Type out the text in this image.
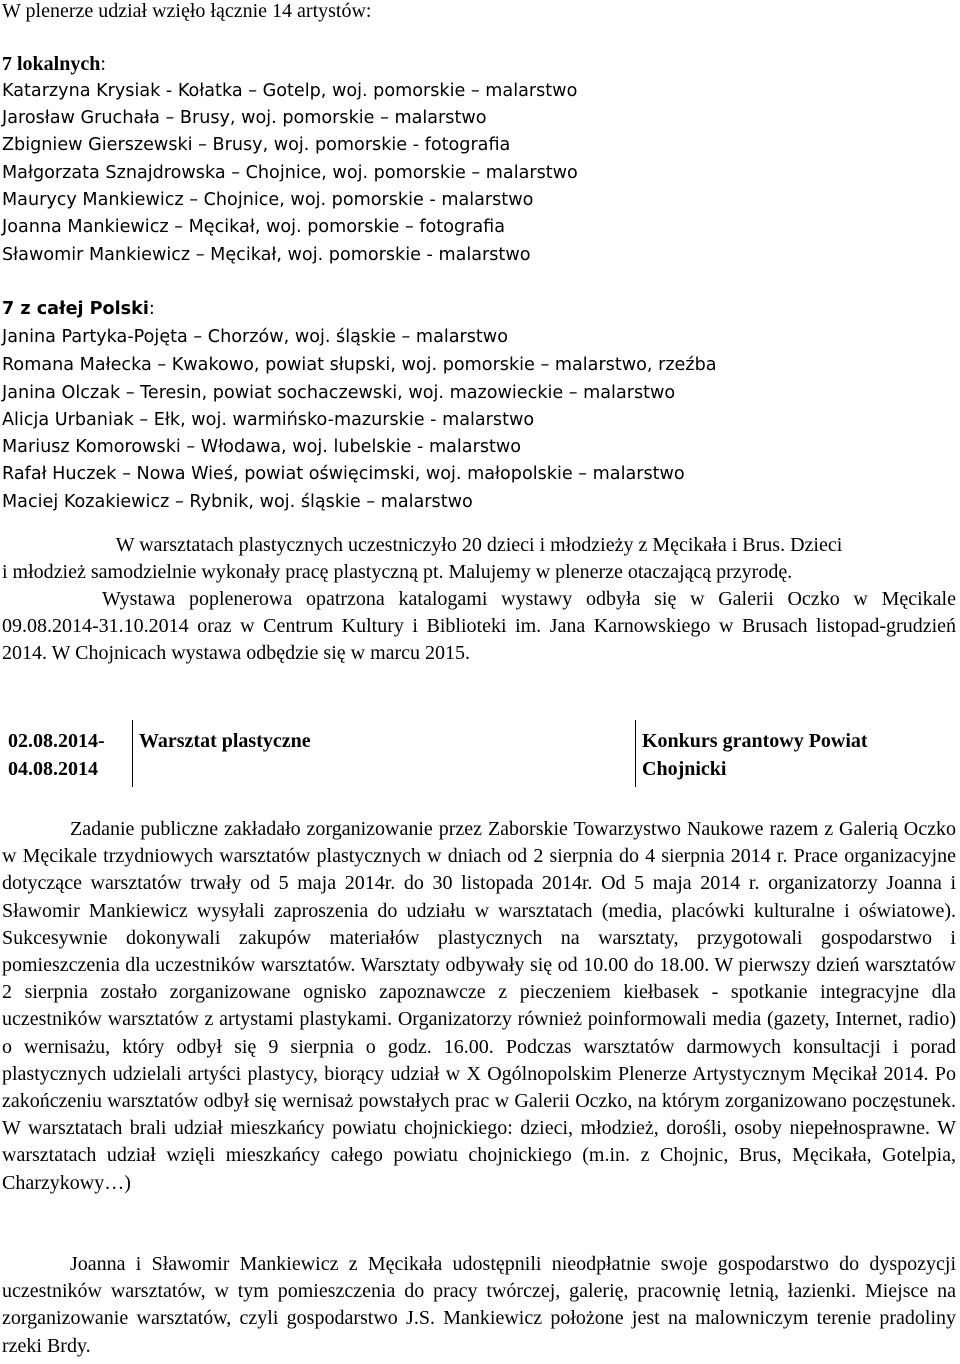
W plenerze udział wzięło łącznie 14 artystów:
7 lokalnych:
Katarzyna Krysiak - Kołatka – Gotelp, woj. pomorskie – malarstwo
Jarosław Gruchała – Brusy, woj. pomorskie – malarstwo
Zbigniew Gierszewski – Brusy, woj. pomorskie - fotografia
Małgorzata Sznajdrowska – Chojnice, woj. pomorskie – malarstwo
Maurycy Mankiewicz – Chojnice, woj. pomorskie - malarstwo
Joanna Mankiewicz – Męcikał, woj. pomorskie – fotografia
Sławomir Mankiewicz – Męcikał, woj. pomorskie - malarstwo
7 z całej Polski:
Janina Partyka-Pojęta – Chorzów, woj. śląskie – malarstwo
Romana Małecka – Kwakowo, powiat słupski, woj. pomorskie – malarstwo, rzeźba
Janina Olczak – Teresin, powiat sochaczewski, woj. mazowieckie – malarstwo
Alicja Urbaniak – Ełk, woj. warmińsko-mazurskie - malarstwo
Mariusz Komorowski – Włodawa, woj. lubelskie - malarstwo
Rafał Huczek – Nowa Wieś, powiat oświęcimski, woj. małopolskie – malarstwo
Maciej Kozakiewicz – Rybnik, woj. śląskie – malarstwo
W warsztatach plastycznych uczestniczyło 20 dzieci i młodzieży z Męcikała i Brus. Dzieci
i młodzież samodzielnie wykonały pracę plastyczną pt. Malujemy w plenerze otaczającą przyrodę.
Wystawa poplenerowa opatrzona katalogami wystawy odbyła się w Galerii Oczko w Męcikale 09.08.2014-31.10.2014 oraz w Centrum Kultury i Biblioteki im. Jana Karnowskiego w Brusach listopad-grudzień 2014. W Chojnicach wystawa odbędzie się w marcu 2015.
02.08.2014-
04.08.2014
	Warsztat plastyczne	Konkurs grantowy Powiat Chojnicki
Zadanie publiczne zakładało zorganizowanie przez Zaborskie Towarzystwo Naukowe razem z Galerią Oczko w Męcikale trzydniowych warsztatów plastycznych w dniach od 2 sierpnia do 4 sierpnia 2014 r. Prace organizacyjne dotyczące warsztatów trwały od 5 maja 2014r. do 30 listopada 2014r. Od 5 maja 2014 r. organizatorzy Joanna i Sławomir Mankiewicz wysyłali zaproszenia do udziału w warsztatach (media, placówki kulturalne i oświatowe). Sukcesywnie dokonywali zakupów materiałów plastycznych na warsztaty, przygotowali gospodarstwo i pomieszczenia dla uczestników warsztatów. Warsztaty odbywały się od 10.00 do 18.00. W pierwszy dzień warsztatów 2 sierpnia zostało zorganizowane ognisko zapoznawcze z pieczeniem kiełbasek - spotkanie integracyjne dla uczestników warsztatów z artystami plastykami. Organizatorzy również poinformowali media (gazety, Internet, radio) o wernisażu, który odbył się 9 sierpnia o godz. 16.00. Podczas warsztatów darmowych konsultacji i porad plastycznych udzielali artyści plastycy, biorący udział w X Ogólnopolskim Plenerze Artystycznym Męcikał 2014. Po zakończeniu warsztatów odbył się wernisaż powstałych prac w Galerii Oczko, na którym zorganizowano poczęstunek. W warsztatach brali udział mieszkańcy powiatu chojnickiego: dzieci, młodzież, dorośli, osoby niepełnosprawne. W warsztatach udział wzięli mieszkańcy całego powiatu chojnickiego (m.in. z Chojnic, Brus, Męcikała, Gotelpia, Charzykowy…)
Joanna i Sławomir Mankiewicz z Męcikała udostępnili nieodpłatnie swoje gospodarstwo do dyspozycji uczestników warsztatów, w tym pomieszczenia do pracy twórczej, galerię, pracownię letnią, łazienki. Miejsce na zorganizowanie warsztatów, czyli gospodarstwo J.S. Mankiewicz położone jest na malowniczym terenie pradoliny rzeki Brdy.
